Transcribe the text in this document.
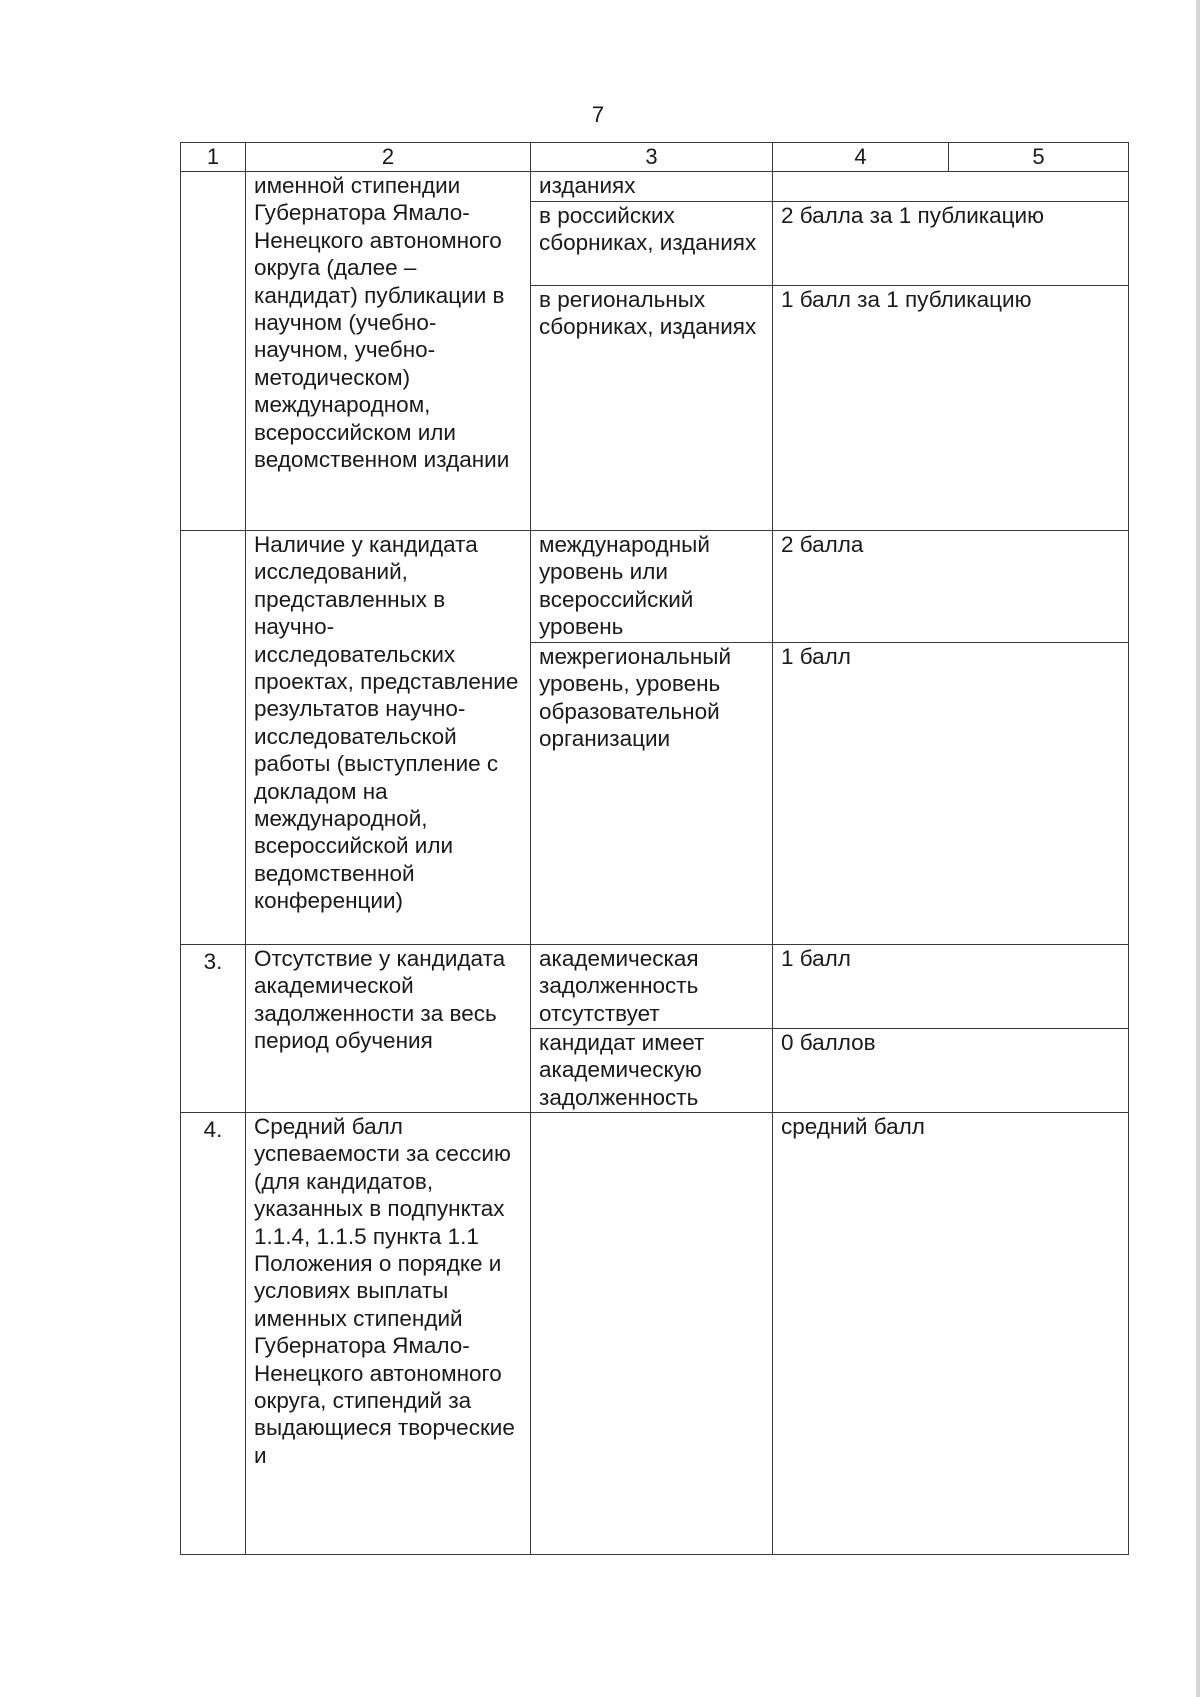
7
1	2	3	4	5
	именной стипендии Губернатора Ямало-Ненецкого автономного округа (далее – кандидат) публикации в научном (учебно-научном, учебно-методическом) международном, всероссийском или ведомственном издании	изданиях		
		в российских сборниках, изданиях	2 балла за 1 публикацию	
		в региональных сборниках, изданиях	1 балл за 1 публикацию	
	Наличие у кандидата исследований, представленных в научно-исследовательских проектах, представление результатов научно-исследовательской работы (выступление с докладом на международной, всероссийской или ведомственной конференции)	международный уровень или всероссийский уровень	2 балла	
		межрегиональный уровень, уровень образовательной организации	1 балл	
3.	Отсутствие у кандидата академической задолженности за весь период обучения	академическая задолженность отсутствует	1 балл	
		кандидат имеет академическую задолженность	0 баллов	
4.	Средний балл успеваемости за сессию (для кандидатов, указанных в подпунктах 1.1.4, 1.1.5 пункта 1.1 Положения о порядке и условиях выплаты именных стипендий Губернатора Ямало-Ненецкого автономного округа, стипендий за выдающиеся творческие и		средний балл	
